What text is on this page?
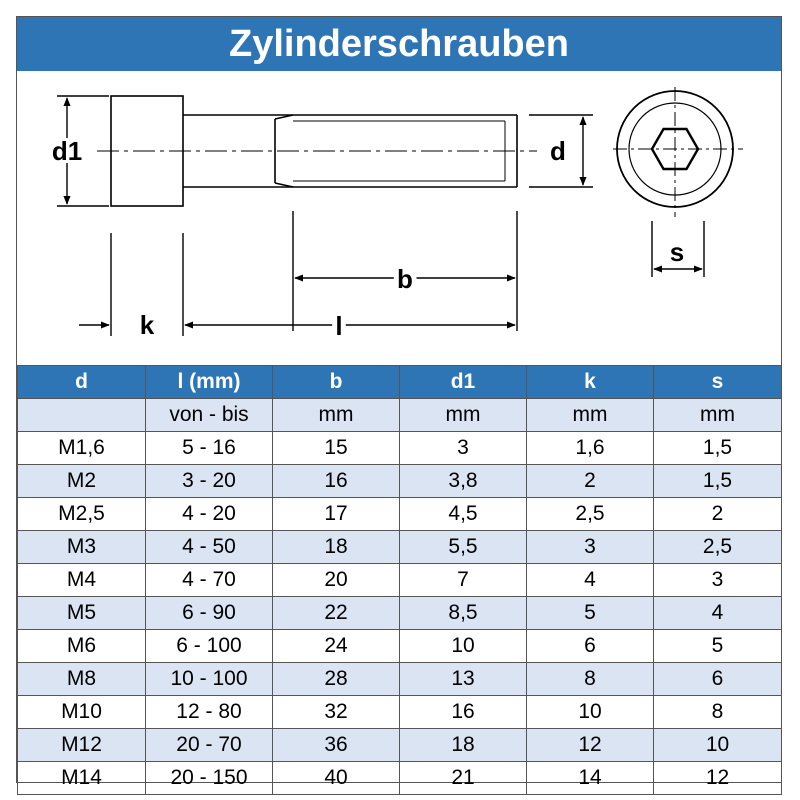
Zylinderschrauben
d1	d
s
b
k	l
d	l (mm)	b	d1	k	s
	von - bis	mm	mm	mm	mm
M1,6	5 - 16	15	3	1,6	1,5
M2	3 - 20	16	3,8	2	1,5
M2,5	4 - 20	17	4,5	2,5	2
M3	4 - 50	18	5,5	3	2,5
M4	4 - 70	20	7	4	3
M5	6 - 90	22	8,5	5	4
M6	6 - 100	24	10	6	5
M8	10 - 100	28	13	8	6
M10	12 - 80	32	16	10	8
M12	20 - 70	36	18	12	10
M14	20 - 150	40	21	14	12
